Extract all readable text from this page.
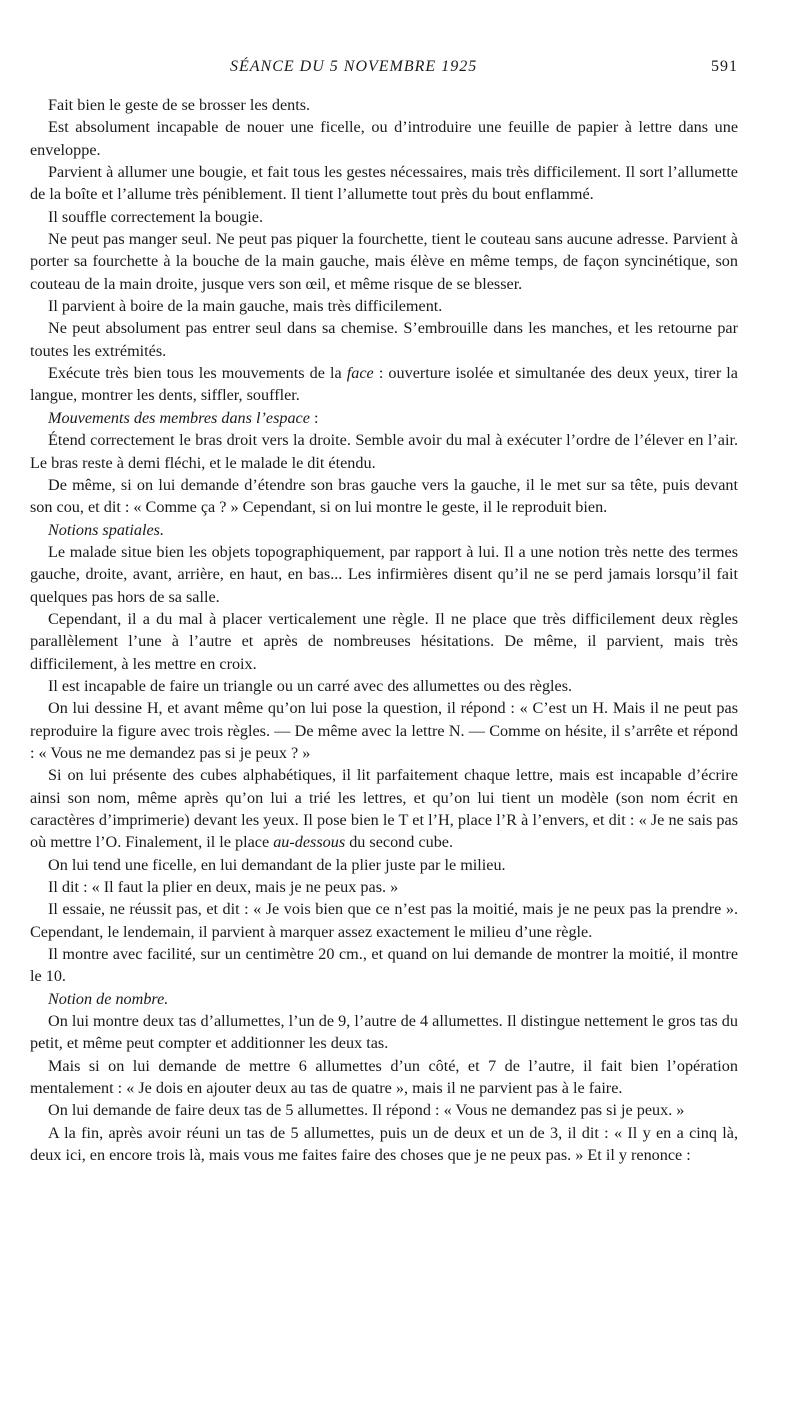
SÉANCE DU 5 NOVEMBRE 1925	591

Fait bien le geste de se brosser les dents.

Est absolument incapable de nouer une ficelle, ou d’introduire une feuille de papier à lettre dans une enveloppe.

Parvient à allumer une bougie, et fait tous les gestes nécessaires, mais très difficilement. Il sort l’allumette de la boîte et l’allume très péniblement. Il tient l’allumette tout près du bout enflammé.

Il souffle correctement la bougie.

Ne peut pas manger seul. Ne peut pas piquer la fourchette, tient le couteau sans aucune adresse. Parvient à porter sa fourchette à la bouche de la main gauche, mais élève en même temps, de façon syncinétique, son couteau de la main droite, jusque vers son œil, et même risque de se blesser.

Il parvient à boire de la main gauche, mais très difficilement.

Ne peut absolument pas entrer seul dans sa chemise. S’embrouille dans les manches, et les retourne par toutes les extrémités.

Exécute très bien tous les mouvements de la face : ouverture isolée et simultanée des deux yeux, tirer la langue, montrer les dents, siffler, souffler.

Mouvements des membres dans l’espace :

Étend correctement le bras droit vers la droite. Semble avoir du mal à exécuter l’ordre de l’élever en l’air. Le bras reste à demi fléchi, et le malade le dit étendu.

De même, si on lui demande d’étendre son bras gauche vers la gauche, il le met sur sa tête, puis devant son cou, et dit : « Comme ça ? » Cependant, si on lui montre le geste, il le reproduit bien.

Notions spatiales.

Le malade situe bien les objets topographiquement, par rapport à lui. Il a une notion très nette des termes gauche, droite, avant, arrière, en haut, en bas... Les infirmières disent qu’il ne se perd jamais lorsqu’il fait quelques pas hors de sa salle.

Cependant, il a du mal à placer verticalement une règle. Il ne place que très difficilement deux règles parallèlement l’une à l’autre et après de nombreuses hésitations. De même, il parvient, mais très difficilement, à les mettre en croix.

Il est incapable de faire un triangle ou un carré avec des allumettes ou des règles.

On lui dessine H, et avant même qu’on lui pose la question, il répond : « C’est un H. Mais il ne peut pas reproduire la figure avec trois règles. — De même avec la lettre N. — Comme on hésite, il s’arrête et répond : « Vous ne me demandez pas si je peux ? »

Si on lui présente des cubes alphabétiques, il lit parfaitement chaque lettre, mais est incapable d’écrire ainsi son nom, même après qu’on lui a trié les lettres, et qu’on lui tient un modèle (son nom écrit en caractères d’imprimerie) devant les yeux. Il pose bien le T et l’H, place l’R à l’envers, et dit : « Je ne sais pas où mettre l’O. Finalement, il le place au-dessous du second cube.

On lui tend une ficelle, en lui demandant de la plier juste par le milieu.

Il dit : « Il faut la plier en deux, mais je ne peux pas. »

Il essaie, ne réussit pas, et dit : « Je vois bien que ce n’est pas la moitié, mais je ne peux pas la prendre ». Cependant, le lendemain, il parvient à marquer assez exactement le milieu d’une règle.

Il montre avec facilité, sur un centimètre 20 cm., et quand on lui demande de montrer la moitié, il montre le 10.

Notion de nombre.

On lui montre deux tas d’allumettes, l’un de 9, l’autre de 4 allumettes. Il distingue nettement le gros tas du petit, et même peut compter et additionner les deux tas.

Mais si on lui demande de mettre 6 allumettes d’un côté, et 7 de l’autre, il fait bien l’opération mentalement : « Je dois en ajouter deux au tas de quatre », mais il ne parvient pas à le faire.

On lui demande de faire deux tas de 5 allumettes. Il répond : « Vous ne demandez pas si je peux. »

A la fin, après avoir réuni un tas de 5 allumettes, puis un de deux et un de 3, il dit : « Il y en a cinq là, deux ici, en encore trois là, mais vous me faites faire des choses que je ne peux pas. » Et il y renonce :
